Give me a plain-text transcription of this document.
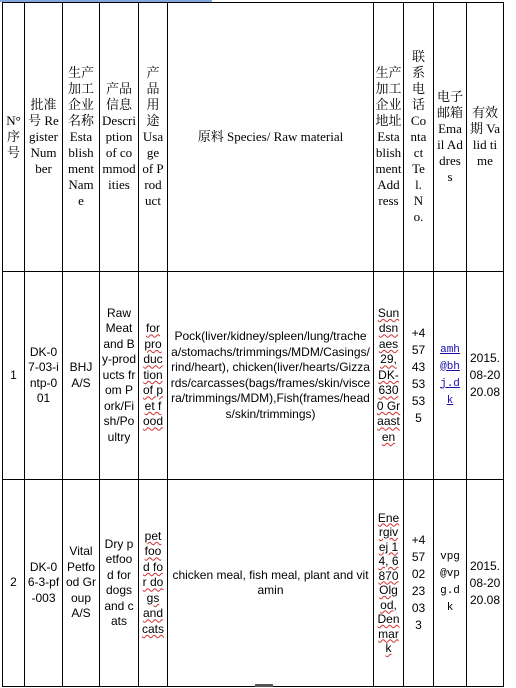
N° 序号	批准号 Register Number	生产加工企业名称 Establishment Name	产品信息 Description of commodities	产品用途 Usage of Product	原料 Species/ Raw material	生产加工企业地址 Establishment Address	联系电话 Contact Tel. No.	电子邮箱 Email Address	有效期 Valid time

1	DK-07-03-intp-001	BHJ A/S	Raw Meat and By-products from Pork/Fish/Poultry	for production of pet food	Pock(liver/kidney/spleen/lung/trachea/stomachs/trimmings/MDM/Casings/rind/heart), chicken(liver/hearts/Gizzards/carcasses(bags/frames/skin/viscera/trimmings/MDM),Fish(frames/heads/skin/trimmings)	Sundsnaes 29, DK-6300 Graasten	+4574353535	amh@bhj.dk	2015.08-2020.08

2	DK-06-3-pf-003	Vital Petfood Group A/S	Dry petfood for dogs and cats	pet food for dogs and cats	chicken meal, fish meal, plant and vitamin	Energivej 14, 6870 Olgod, Denmark	+4570223033	vpg@vpg.dk	2015.08-2020.08
